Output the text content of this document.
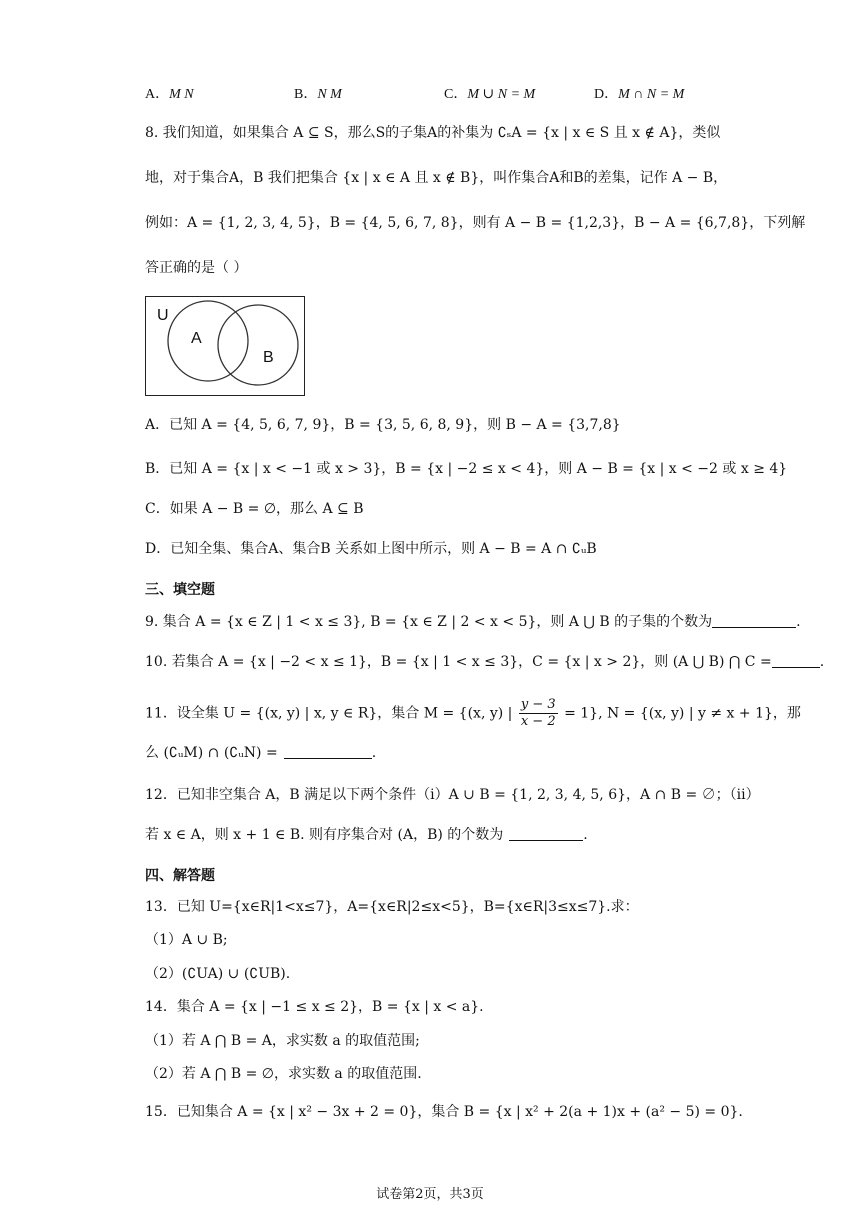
A．M N	B．N M	C．M ∪ N = M	D．M ∩ N = M
8. 我们知道，如果集合 A ⊆ S，那么S的子集A的补集为 ∁ₛA = {x | x ∈ S 且 x ∉ A}，类似
地，对于集合A，B 我们把集合 {x | x ∈ A 且 x ∉ B}，叫作集合A和B的差集，记作 A − B，
例如：A = {1, 2, 3, 4, 5}，B = {4, 5, 6, 7, 8}，则有 A − B = {1,2,3}，B − A = {6,7,8}，下列解
答正确的是（ ）
U
A
B
A．已知 A = {4, 5, 6, 7, 9}，B = {3, 5, 6, 8, 9}，则 B − A = {3,7,8}
B．已知 A = {x | x < −1 或 x > 3}，B = {x | −2 ≤ x < 4}，则 A − B = {x | x < −2 或 x ≥ 4}
C．如果 A − B = ∅，那么 A ⊆ B
D．已知全集、集合A、集合B 关系如上图中所示，则 A − B = A ∩ ∁ᵤB
三、填空题
9. 集合 A = {x ∈ Z | 1 < x ≤ 3}, B = {x ∈ Z | 2 < x < 5}，则 A ⋃ B 的子集的个数为	.
10. 若集合 A = {x | −2 < x ≤ 1}，B = {x | 1 < x ≤ 3}，C = {x | x > 2}，则 (A ⋃ B) ⋂ C =	.
11．设全集 U = {(x, y) | x, y ∈ R}，集合 M = {(x, y) | $\frac{y - 3}{x - 2} = 1$}, N = {(x, y) | y ≠ x + 1}，那
么 (∁ᵤM) ∩ (∁ᵤN) =	.
12．已知非空集合 A，B 满足以下两个条件（i）A ∪ B = {1, 2, 3, 4, 5, 6}，A ∩ B = ∅；（ii）
若 x ∈ A，则 x + 1 ∈ B. 则有序集合对 (A，B) 的个数为	.
四、解答题
13．已知 U={x∈R|1<x≤7}，A={x∈R|2≤x<5}，B={x∈R|3≤x≤7}.求：
（1）A ∪ B;
（2）(∁UA) ∪ (∁UB).
14．集合 A = {x | −1 ≤ x ≤ 2}，B = {x | x < a}.
（1）若 A ⋂ B = A，求实数 a 的取值范围;
（2）若 A ⋂ B = ∅，求实数 a 的取值范围.
15．已知集合 A = {x | x² − 3x + 2 = 0}，集合 B = {x | x² + 2(a + 1)x + (a² − 5) = 0}.
试卷第2页，共3页
